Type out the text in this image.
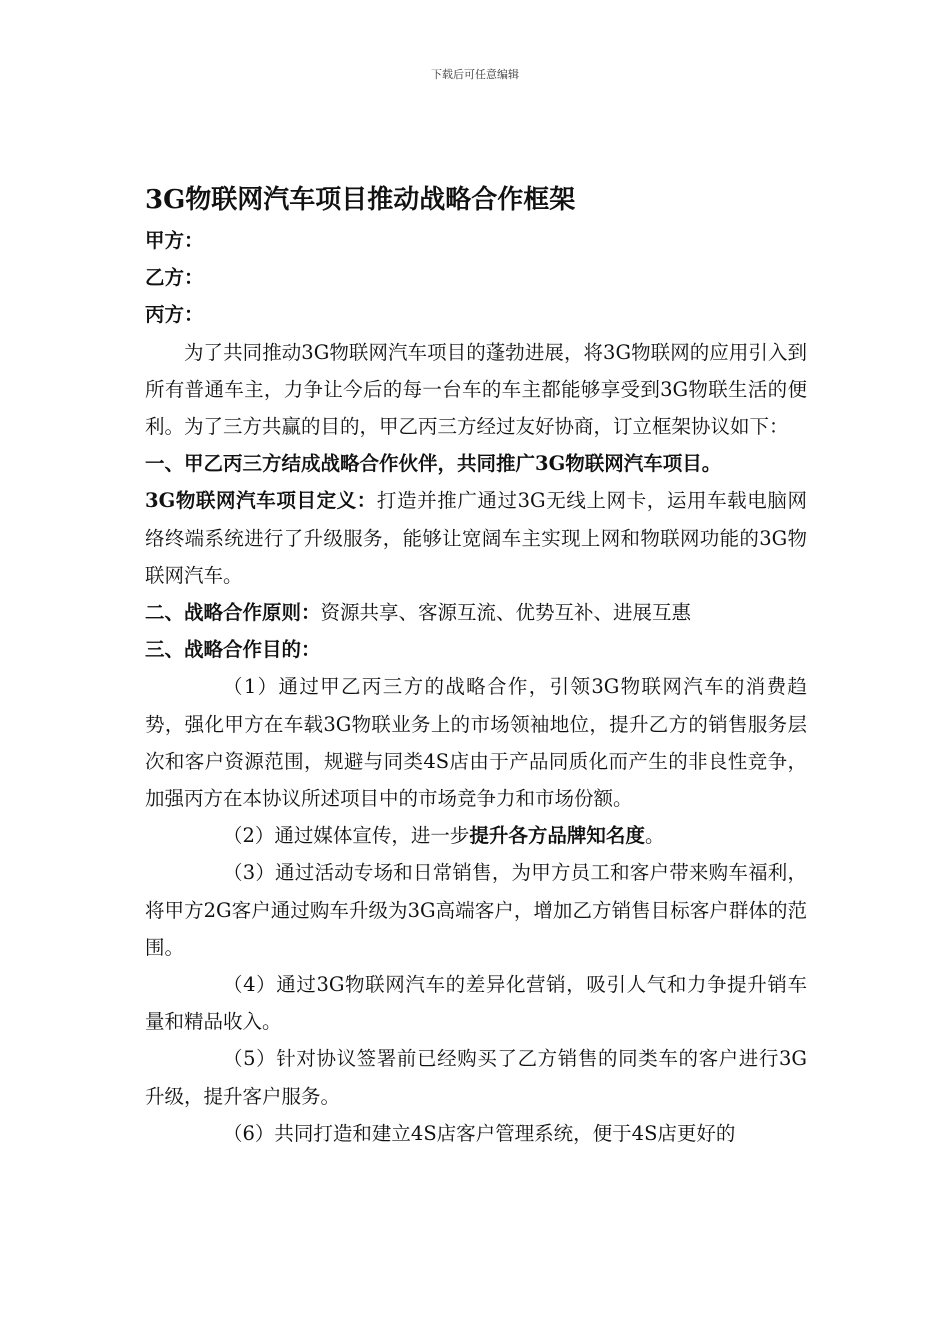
下载后可任意编辑

3G物联网汽车项目推动战略合作框架

甲方：

乙方：

丙方：

为了共同推动3G物联网汽车项目的蓬勃进展，将3G物联网的应用引入到所有普通车主，力争让今后的每一台车的车主都能够享受到3G物联生活的便利。为了三方共赢的目的，甲乙丙三方经过友好协商，订立框架协议如下：

一、甲乙丙三方结成战略合作伙伴，共同推广3G物联网汽车项目。

3G物联网汽车项目定义：打造并推广通过3G无线上网卡，运用车载电脑网络终端系统进行了升级服务，能够让宽阔车主实现上网和物联网功能的3G物联网汽车。

二、战略合作原则：资源共享、客源互流、优势互补、进展互惠

三、战略合作目的：

（1）通过甲乙丙三方的战略合作，引领3G物联网汽车的消费趋势，强化甲方在车载3G物联业务上的市场领袖地位，提升乙方的销售服务层次和客户资源范围，规避与同类4S店由于产品同质化而产生的非良性竞争，加强丙方在本协议所述项目中的市场竞争力和市场份额。

（2）通过媒体宣传，进一步提升各方品牌知名度。

（3）通过活动专场和日常销售，为甲方员工和客户带来购车福利，将甲方2G客户通过购车升级为3G高端客户，增加乙方销售目标客户群体的范围。

（4）通过3G物联网汽车的差异化营销，吸引人气和力争提升销车量和精品收入。

（5）针对协议签署前已经购买了乙方销售的同类车的客户进行3G升级，提升客户服务。

（6）共同打造和建立4S店客户管理系统，便于4S店更好的
